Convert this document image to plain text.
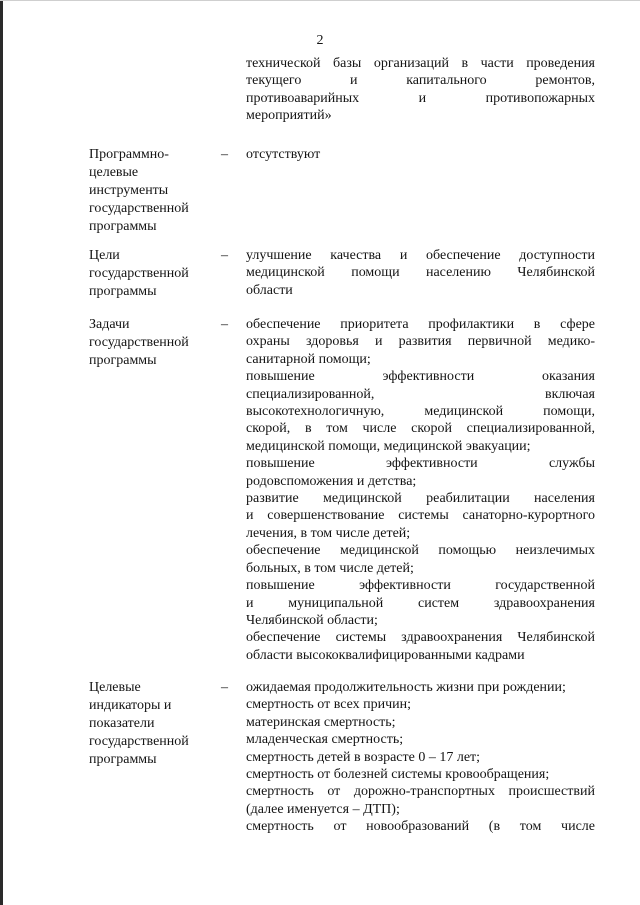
2
технической базы организаций в части проведения
текущего и капитального ремонтов,
противоаварийных и противопожарных
мероприятий»
Программно-
целевые
инструменты
государственной
программы
–	отсутствуют
Цели
государственной
программы
–	улучшение качества и обеспечение доступности
медицинской помощи населению Челябинской
области
Задачи
государственной
программы
–	обеспечение приоритета профилактики в сфере
охраны здоровья и развития первичной медико-
санитарной помощи;
повышение эффективности оказания
специализированной, включая
высокотехнологичную, медицинской помощи,
скорой, в том числе скорой специализированной,
медицинской помощи, медицинской эвакуации;
повышение эффективности службы
родовспоможения и детства;
развитие медицинской реабилитации населения
и совершенствование системы санаторно-курортного
лечения, в том числе детей;
обеспечение медицинской помощью неизлечимых
больных, в том числе детей;
повышение эффективности государственной
и муниципальной систем здравоохранения
Челябинской области;
обеспечение системы здравоохранения Челябинской
области высококвалифицированными кадрами
Целевые
индикаторы и
показатели
государственной
программы
–	ожидаемая продолжительность жизни при рождении;
смертность от всех причин;
материнская смертность;
младенческая смертность;
смертность детей в возрасте 0 – 17 лет;
смертность от болезней системы кровообращения;
смертность от дорожно-транспортных происшествий
(далее именуется – ДТП);
смертность от новообразований (в том числе
